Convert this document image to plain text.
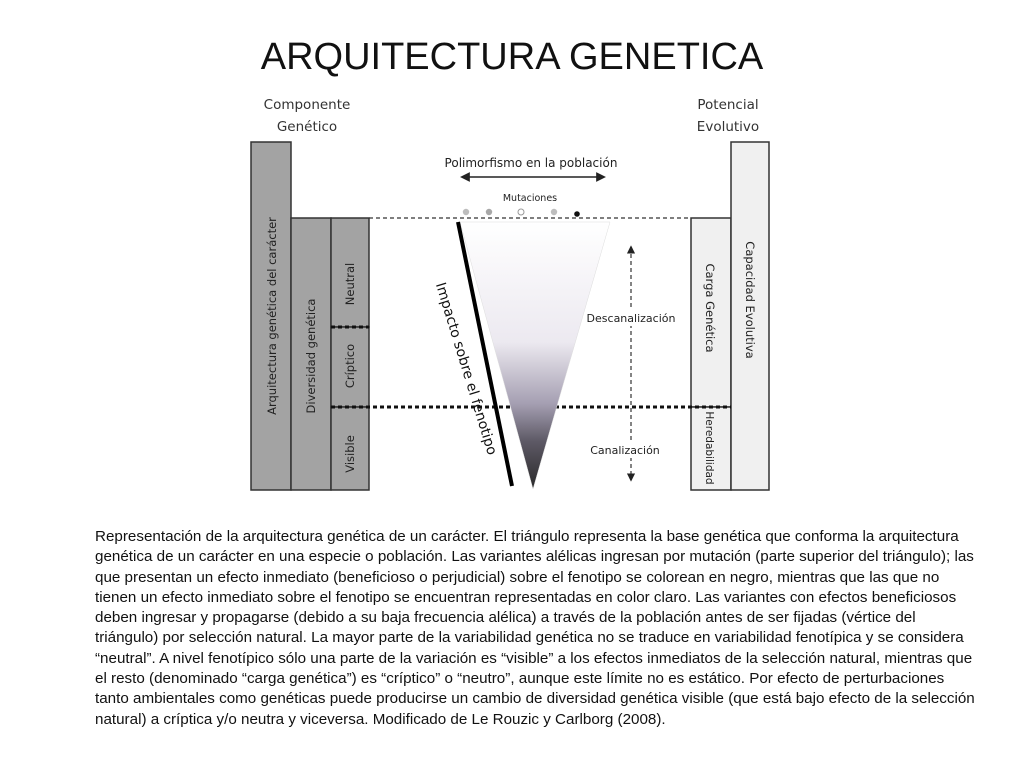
ARQUITECTURA GENETICA
Componente
Genético
Potencial
Evolutivo
Arquitectura genética del carácter Diversidad genética
Neutral
Críptico
Visible
Carga Genética
Heredabilidad
Capacidad Evolutiva
Impacto sobre el fenotipo
Polimorfismo en la población
Mutaciones
Descanalización
Canalización

Representación de la arquitectura genética de un carácter. El triángulo representa la base genética que conforma la arquitectura genética de un carácter en una especie o población. Las variantes alélicas ingresan por mutación (parte superior del triángulo); las que presentan un efecto inmediato (beneficioso o perjudicial) sobre el fenotipo se colorean en negro, mientras que las que no tienen un efecto inmediato sobre el fenotipo se encuentran representadas en color claro. Las variantes con efectos beneficiosos deben ingresar y propagarse (debido a su baja frecuencia alélica) a través de la población antes de ser fijadas (vértice del triángulo) por selección natural. La mayor parte de la variabilidad genética no se traduce en variabilidad fenotípica y se considera “neutral”. A nivel fenotípico sólo una parte de la variación es “visible” a los efectos inmediatos de la selección natural, mientras que el resto (denominado “carga genética”) es “críptico” o “neutro”, aunque este límite no es estático. Por efecto de perturbaciones tanto ambientales como genéticas puede producirse un cambio de diversidad genética visible (que está bajo efecto de la selección natural) a críptica y/o neutra y viceversa. Modificado de Le Rouzic y Carlborg (2008).
